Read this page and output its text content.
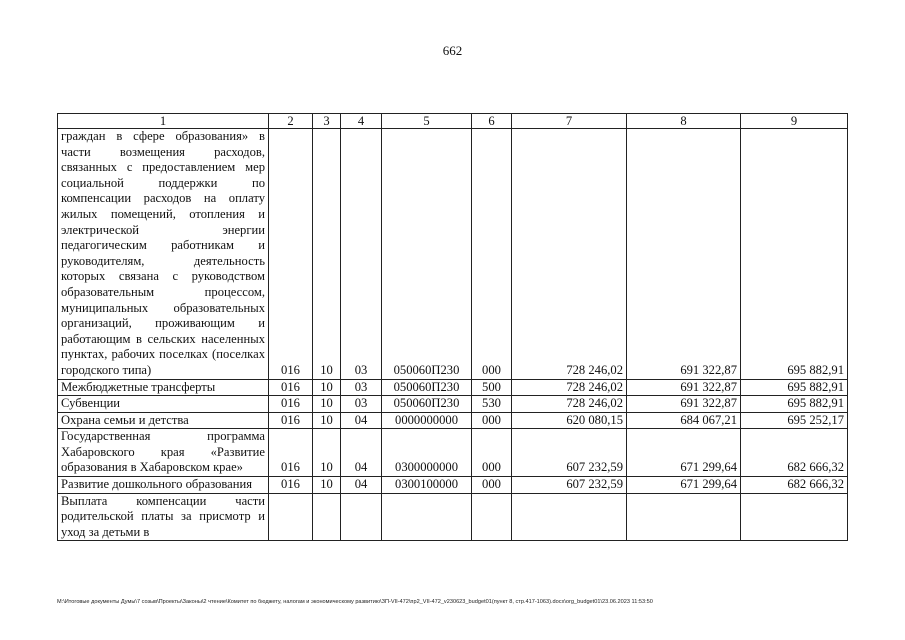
662
1	2	3	4	5	6	7	8	9
граждан в сфере образования» в части возмещения расходов, связанных с предоставлением мер социальной поддержки по компенсации расходов на оплату жилых помещений, отопления и электрической энергии педагогическим работникам и руководителям, деятельность которых связана с руководством образовательным процессом, муниципальных образовательных организаций, проживающим и работающим в сельских населенных пунктах, рабочих поселках (поселках городского типа)	016	10	03	050060П230	000	728 246,02	691 322,87	695 882,91
Межбюджетные трансферты	016	10	03	050060П230	500	728 246,02	691 322,87	695 882,91
Субвенции	016	10	03	050060П230	530	728 246,02	691 322,87	695 882,91
Охрана семьи и детства	016	10	04	0000000000	000	620 080,15	684 067,21	695 252,17
Государственная программа Хабаровского края «Развитие образования в Хабаровском крае»	016	10	04	0300000000	000	607 232,59	671 299,64	682 666,32
Развитие дошкольного образования	016	10	04	0300100000	000	607 232,59	671 299,64	682 666,32
Выплата компенсации части родительской платы за присмотр и уход за детьми в								
М:\Итоговые документы Думы\7 созыв\Проекты\Законы\2 чтение\Комитет по бюджету, налогам и экономическому развитию\ЗП-VII-472\пр2_VII-472_v230623_budget01(пункт 8, стр.417-1063).docx\org_budget01\23.06.2023 11:53:50
